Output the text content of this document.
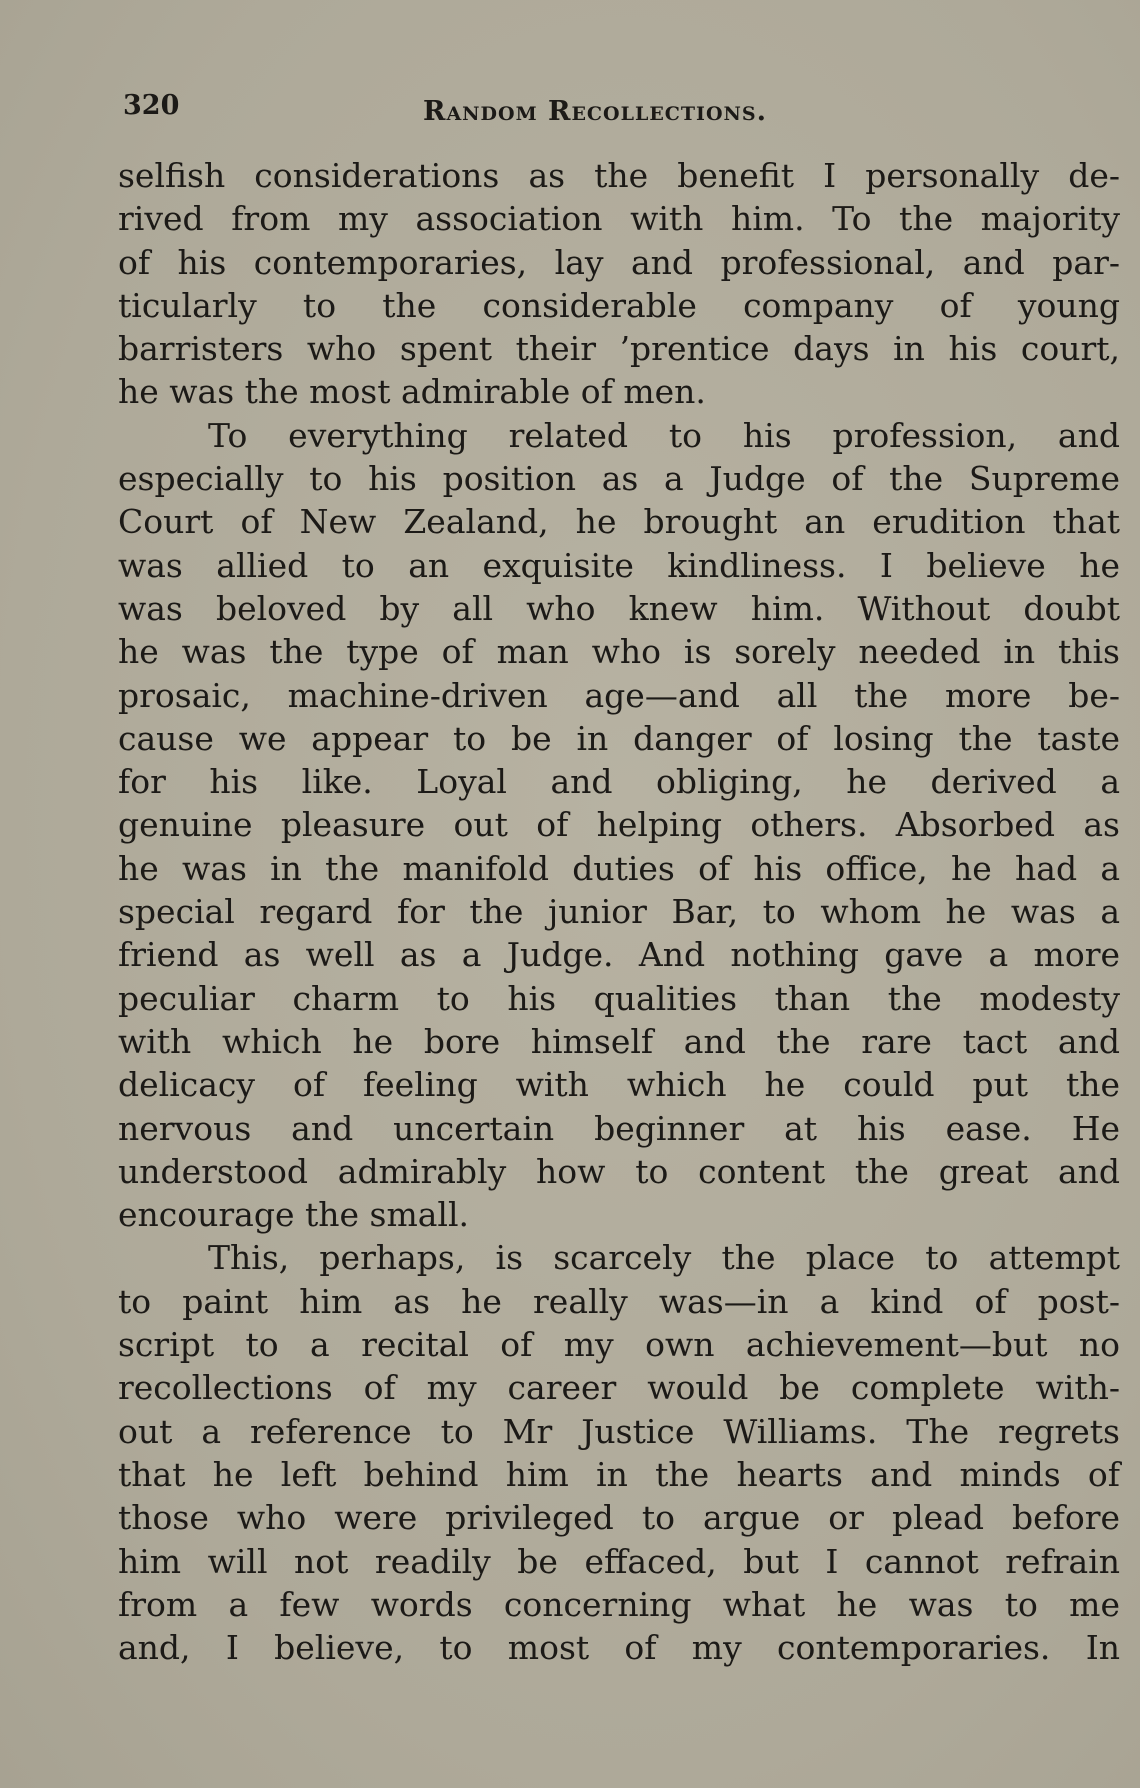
320	Random Recollections.
selfish considerations as the benefit I personally de-
rived from my association with him. To the majority
of his contemporaries, lay and professional, and par-
ticularly to the considerable company of young
barristers who spent their ’prentice days in his court,
he was the most admirable of men.
To everything related to his profession, and
especially to his position as a Judge of the Supreme
Court of New Zealand, he brought an erudition that
was allied to an exquisite kindliness. I believe he
was beloved by all who knew him. Without doubt
he was the type of man who is sorely needed in this
prosaic, machine-driven age—and all the more be-
cause we appear to be in danger of losing the taste
for his like. Loyal and obliging, he derived a
genuine pleasure out of helping others. Absorbed as
he was in the manifold duties of his office, he had a
special regard for the junior Bar, to whom he was a
friend as well as a Judge. And nothing gave a more
peculiar charm to his qualities than the modesty
with which he bore himself and the rare tact and
delicacy of feeling with which he could put the
nervous and uncertain beginner at his ease. He
understood admirably how to content the great and
encourage the small.
This, perhaps, is scarcely the place to attempt
to paint him as he really was—in a kind of post-
script to a recital of my own achievement—but no
recollections of my career would be complete with-
out a reference to Mr Justice Williams. The regrets
that he left behind him in the hearts and minds of
those who were privileged to argue or plead before
him will not readily be effaced, but I cannot refrain
from a few words concerning what he was to me
and, I believe, to most of my contemporaries. In
